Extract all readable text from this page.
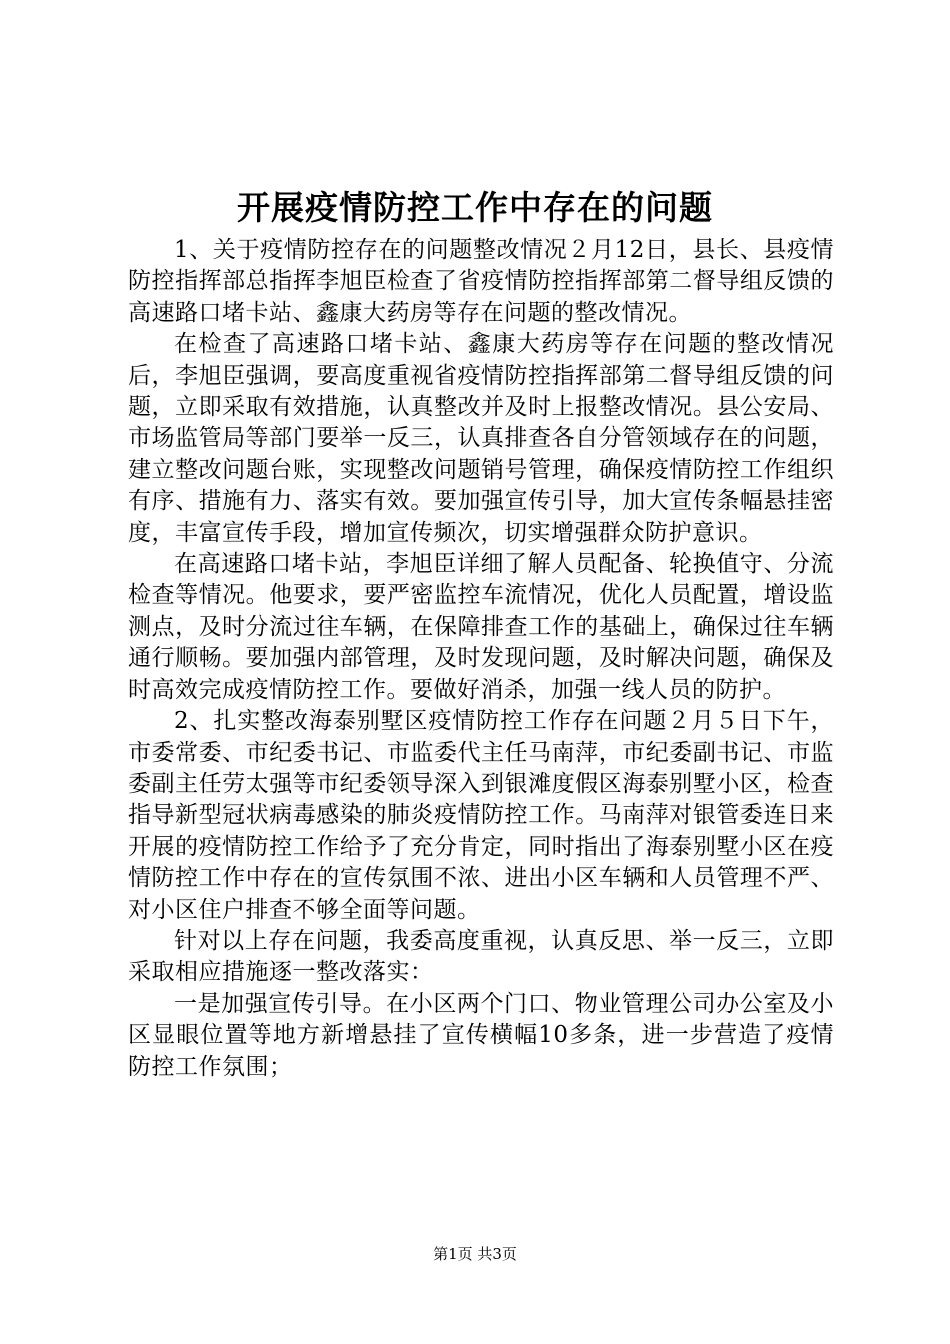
开展疫情防控工作中存在的问题

1、关于疫情防控存在的问题整改情况２月12日，县长、县疫情防控指挥部总指挥李旭臣检查了省疫情防控指挥部第二督导组反馈的高速路口堵卡站、鑫康大药房等存在问题的整改情况。

在检查了高速路口堵卡站、鑫康大药房等存在问题的整改情况后，李旭臣强调，要高度重视省疫情防控指挥部第二督导组反馈的问题，立即采取有效措施，认真整改并及时上报整改情况。县公安局、市场监管局等部门要举一反三，认真排查各自分管领域存在的问题，建立整改问题台账，实现整改问题销号管理，确保疫情防控工作组织有序、措施有力、落实有效。要加强宣传引导，加大宣传条幅悬挂密度，丰富宣传手段，增加宣传频次，切实增强群众防护意识。

在高速路口堵卡站，李旭臣详细了解人员配备、轮换值守、分流检查等情况。他要求，要严密监控车流情况，优化人员配置，增设监测点，及时分流过往车辆，在保障排查工作的基础上，确保过往车辆通行顺畅。要加强内部管理，及时发现问题，及时解决问题，确保及时高效完成疫情防控工作。要做好消杀，加强一线人员的防护。

2、扎实整改海泰别墅区疫情防控工作存在问题２月５日下午，市委常委、市纪委书记、市监委代主任马南萍，市纪委副书记、市监委副主任劳太强等市纪委领导深入到银滩度假区海泰别墅小区，检查指导新型冠状病毒感染的肺炎疫情防控工作。马南萍对银管委连日来开展的疫情防控工作给予了充分肯定，同时指出了海泰别墅小区在疫情防控工作中存在的宣传氛围不浓、进出小区车辆和人员管理不严、对小区住户排查不够全面等问题。

针对以上存在问题，我委高度重视，认真反思、举一反三，立即采取相应措施逐一整改落实：

一是加强宣传引导。在小区两个门口、物业管理公司办公室及小区显眼位置等地方新增悬挂了宣传横幅10多条，进一步营造了疫情防控工作氛围；

第1页 共3页
